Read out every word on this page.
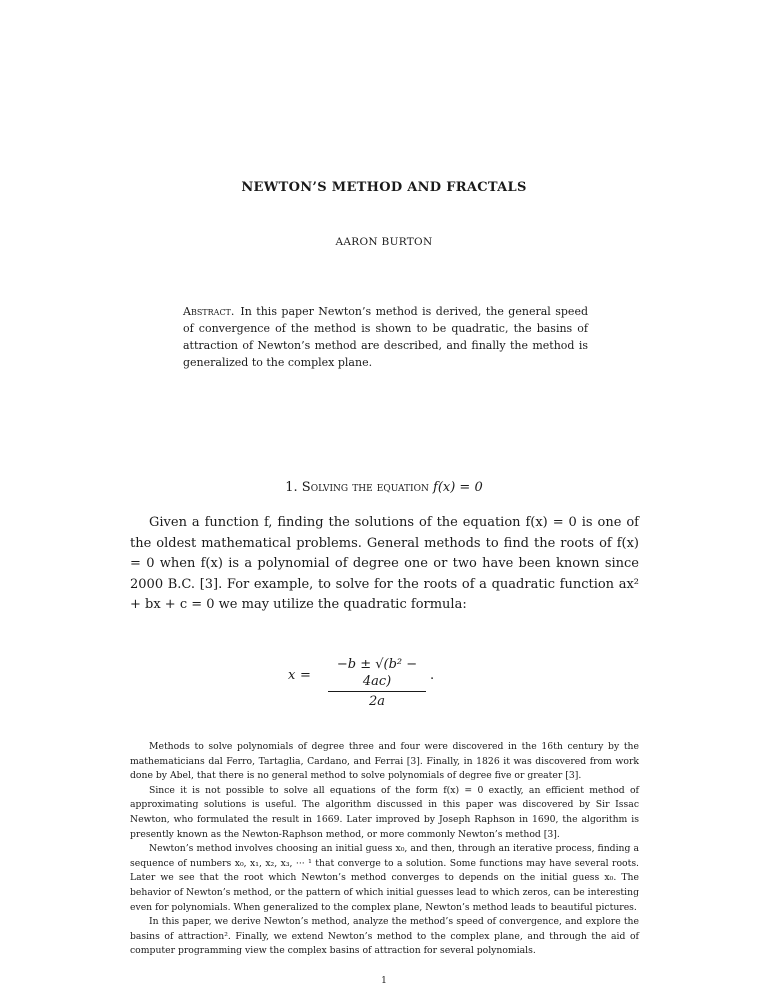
NEWTON’S METHOD AND FRACTALS
AARON BURTON
Abstract. In this paper Newton’s method is derived, the general speed of convergence of the method is shown to be quadratic, the basins of attraction of Newton’s method are described, and finally the method is generalized to the complex plane.
1. Solving the equation f(x) = 0

Given a function f, finding the solutions of the equation f(x) = 0 is one of the oldest mathematical problems. General methods to find the roots of f(x) = 0 when f(x) is a polynomial of degree one or two have been known since 2000 B.C. [3]. For example, to solve for the roots of a quadratic function ax² + bx + c = 0 we may utilize the quadratic formula:

x =
−b ± √(b² − 4ac)
2a
.

Methods to solve polynomials of degree three and four were discovered in the 16th century by the mathematicians dal Ferro, Tartaglia, Cardano, and Ferrai [3]. Finally, in 1826 it was discovered from work done by Abel, that there is no general method to solve polynomials of degree five or greater [3].

Since it is not possible to solve all equations of the form f(x) = 0 exactly, an efficient method of approximating solutions is useful. The algorithm discussed in this paper was discovered by Sir Issac Newton, who formulated the result in 1669. Later improved by Joseph Raphson in 1690, the algorithm is presently known as the Newton-Raphson method, or more commonly Newton’s method [3].

Newton’s method involves choosing an initial guess x₀, and then, through an iterative process, finding a sequence of numbers x₀, x₁, x₂, x₃, ··· ¹ that converge to a solution. Some functions may have several roots. Later we see that the root which Newton’s method converges to depends on the initial guess x₀. The behavior of Newton’s method, or the pattern of which initial guesses lead to which zeros, can be interesting even for polynomials. When generalized to the complex plane, Newton’s method leads to beautiful pictures.

In this paper, we derive Newton’s method, analyze the method’s speed of convergence, and explore the basins of attraction². Finally, we extend Newton’s method to the complex plane, and through the aid of computer programming view the complex basins of attraction for several polynomials.

1
